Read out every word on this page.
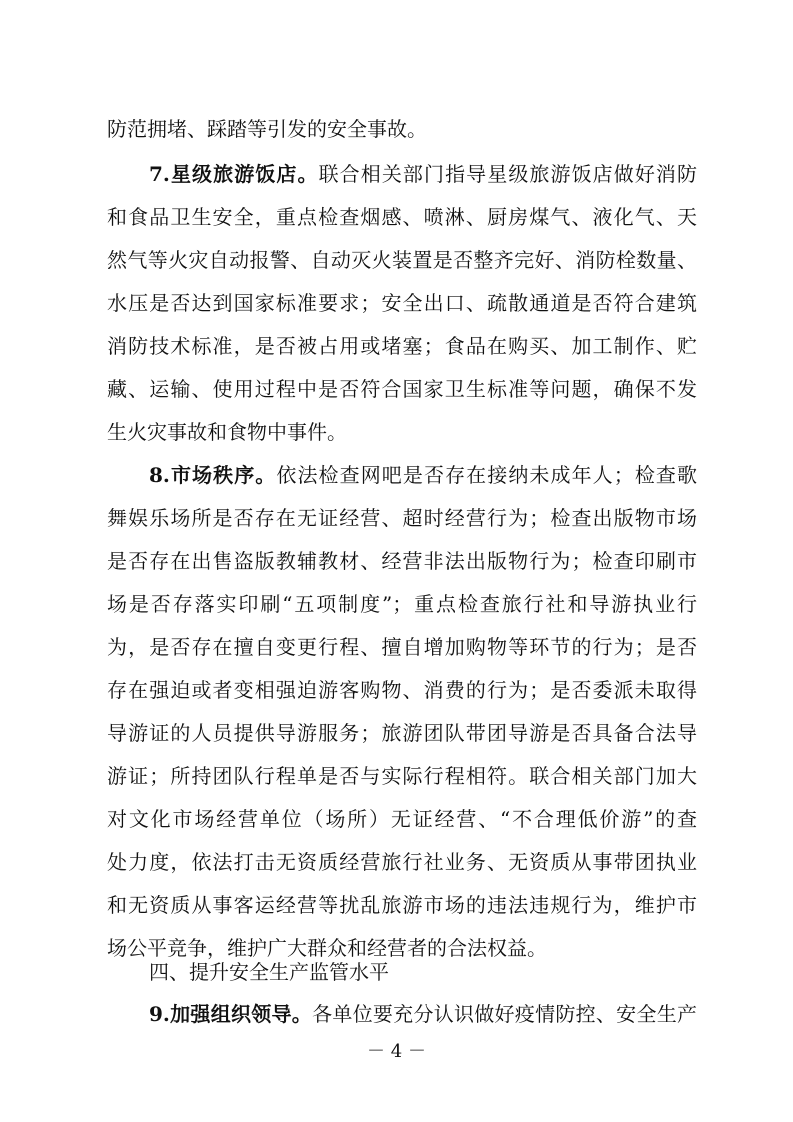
防范拥堵、踩踏等引发的安全事故。
7.星级旅游饭店。联合相关部门指导星级旅游饭店做好消防
和食品卫生安全，重点检查烟感、喷淋、厨房煤气、液化气、天
然气等火灾自动报警、自动灭火装置是否整齐完好、消防栓数量、
水压是否达到国家标准要求；安全出口、疏散通道是否符合建筑
消防技术标准，是否被占用或堵塞；食品在购买、加工制作、贮
藏、运输、使用过程中是否符合国家卫生标准等问题，确保不发
生火灾事故和食物中事件。
8.市场秩序。依法检查网吧是否存在接纳未成年人；检查歌
舞娱乐场所是否存在无证经营、超时经营行为；检查出版物市场
是否存在出售盗版教辅教材、经营非法出版物行为；检查印刷市
场是否存落实印刷“五项制度”；重点检查旅行社和导游执业行
为，是否存在擅自变更行程、擅自增加购物等环节的行为；是否
存在强迫或者变相强迫游客购物、消费的行为；是否委派未取得
导游证的人员提供导游服务；旅游团队带团导游是否具备合法导
游证；所持团队行程单是否与实际行程相符。联合相关部门加大
对文化市场经营单位（场所）无证经营、“不合理低价游”的查
处力度，依法打击无资质经营旅行社业务、无资质从事带团执业
和无资质从事客运经营等扰乱旅游市场的违法违规行为，维护市
场公平竞争，维护广大群众和经营者的合法权益。
四、提升安全生产监管水平
9.加强组织领导。各单位要充分认识做好疫情防控、安全生产
－ 4 －
